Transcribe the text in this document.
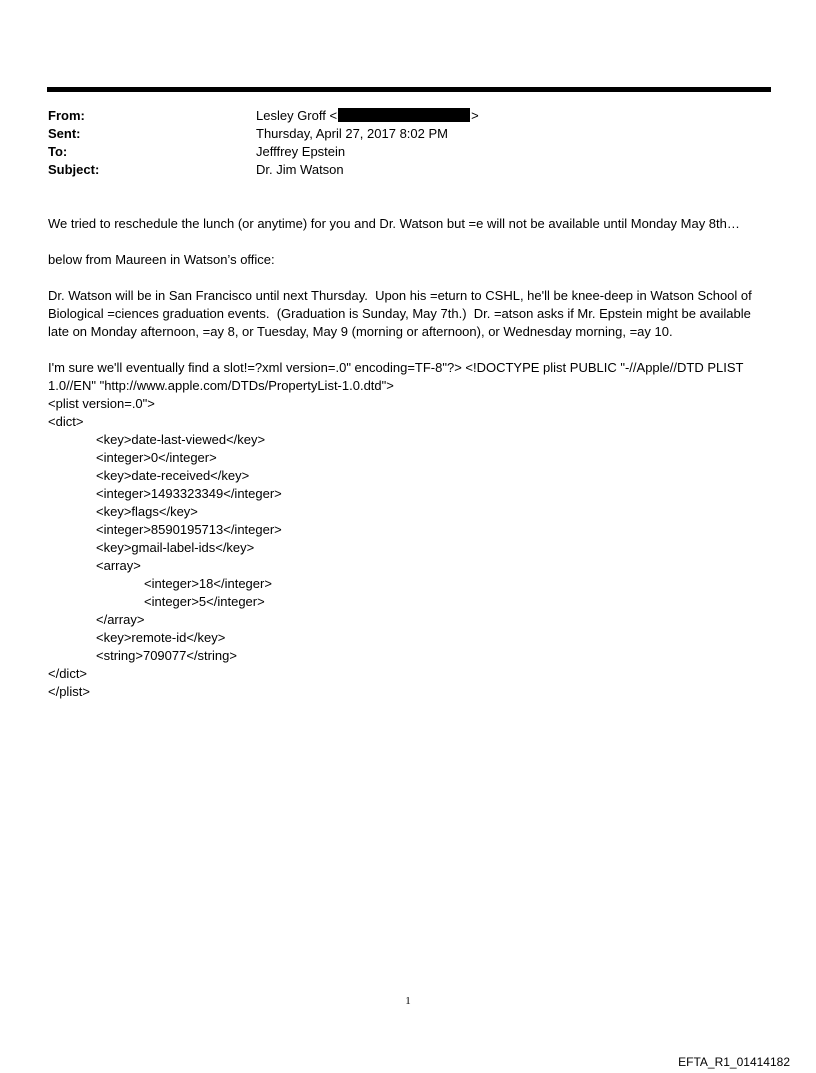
From:	Lesley Groff <	>
Sent:	Thursday, April 27, 2017 8:02 PM
To:	Jefffrey Epstein
Subject:	Dr. Jim Watson

We tried to reschedule the lunch (or anytime) for you and Dr. Watson but =e will not be available until Monday May 8th…

below from Maureen in Watson’s office:

Dr. Watson will be in San Francisco until next Thursday.  Upon his =eturn to CSHL, he'll be knee-deep in Watson School of Biological =ciences graduation events.  (Graduation is Sunday, May 7th.)  Dr. =atson asks if Mr. Epstein might be available late on Monday afternoon, =ay 8, or Tuesday, May 9 (morning or afternoon), or Wednesday morning, =ay 10.

I'm sure we'll eventually find a slot!=?xml version=.0" encoding=TF-8"?> <!DOCTYPE plist PUBLIC "-//Apple//DTD PLIST 1.0//EN" "http://www.apple.com/DTDs/PropertyList-1.0.dtd">

<plist version=.0">
<dict>
<key>date-last-viewed</key>
<integer>0</integer>
<key>date-received</key>
<integer>1493323349</integer>
<key>flags</key>
<integer>8590195713</integer>
<key>gmail-label-ids</key>
<array>
<integer>18</integer>
<integer>5</integer>
</array>
<key>remote-id</key>
<string>709077</string>
</dict>
</plist>
1
EFTA_R1_01414182
